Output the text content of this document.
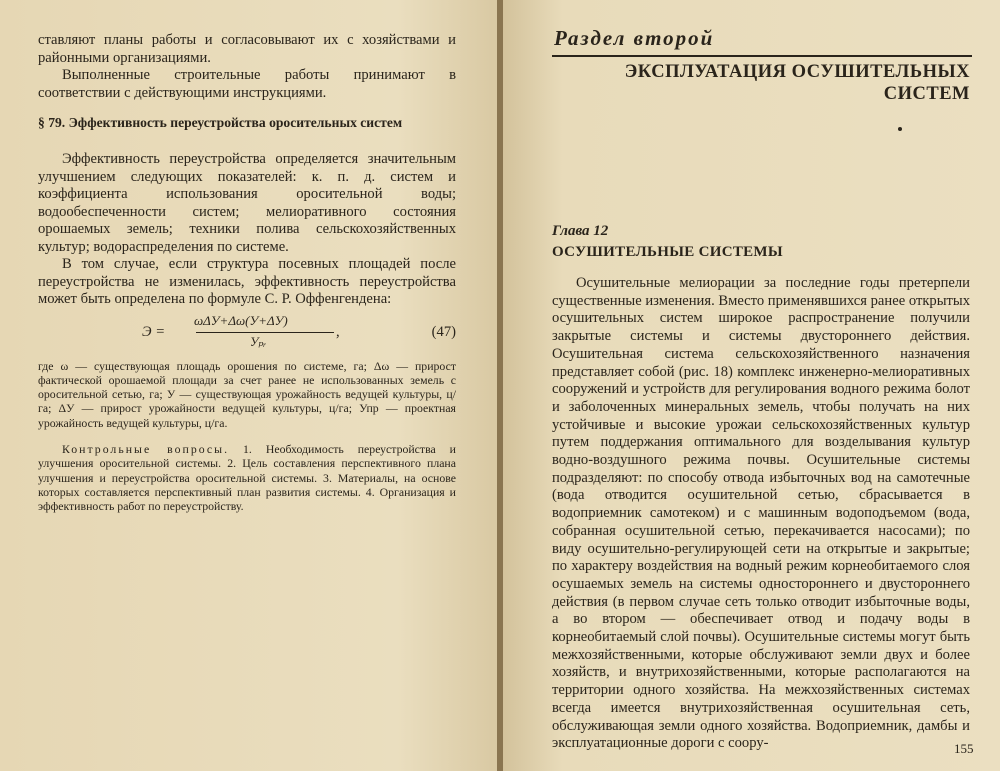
ставляют планы работы и согласовывают их с хозяйствами и районными организациями.

Выполненные строительные работы принимают в соответствии с действующими инструкциями.

§ 79. Эффективность переустройства оросительных систем

Эффективность переустройства определяется значительным улучшением следующих показателей: к. п. д. систем и коэффициента использования оросительной воды; водообеспеченности систем; мелиоративного состояния орошаемых земель; техники полива сельскохозяйственных культур; водораспределения по системе.

В том случае, если структура посевных площадей после переустройства не изменилась, эффективность переустройства может быть определена по формуле С. Р. Оффенгендена:

Э =
ωΔУ+Δω(У+ΔУ)
Уₚᵣ
,	(47)

где ω — существующая площадь орошения по системе, га; Δω — прирост фактической орошаемой площади за счет ранее не использованных земель с оросительной сетью, га; У — существующая урожайность ведущей культуры, ц/га; ΔУ — прирост урожайности ведущей культуры, ц/га; Упр — проектная урожайность ведущей культуры, ц/га.

Контрольные вопросы. 1. Необходимость переустройства и улучшения оросительной системы. 2. Цель составления перспективного плана улучшения и переустройства оросительной системы. 3. Материалы, на основе которых составляется перспективный план развития системы. 4. Организация и эффективность работ по переустройству.

Раздел второй

ЭКСПЛУАТАЦИЯ ОСУШИТЕЛЬНЫХ

СИСТЕМ

Глава 12
ОСУШИТЕЛЬНЫЕ СИСТЕМЫ

Осушительные мелиорации за последние годы претерпели существенные изменения. Вместо применявшихся ранее открытых осушительных систем широкое распространение получили закрытые системы и системы двустороннего действия. Осушительная система сельскохозяйственного назначения представляет собой (рис. 18) комплекс инженерно-мелиоративных сооружений и устройств для регулирования водного режима болот и заболоченных минеральных земель, чтобы получать на них устойчивые и высокие урожаи сельскохозяйственных культур путем поддержания оптимального для возделывания культур водно-воздушного режима почвы. Осушительные системы подразделяют: по способу отвода избыточных вод на самотечные (вода отводится осушительной сетью, сбрасывается в водоприемник самотеком) и с машинным водоподъемом (вода, собранная осушительной сетью, перекачивается насосами); по виду осушительно-регулирующей сети на открытые и закрытые; по характеру воздействия на водный режим корнеобитаемого слоя осушаемых земель на системы одностороннего и двустороннего действия (в первом случае сеть только отводит избыточные воды, а во втором — обеспечивает отвод и подачу воды в корнеобитаемый слой почвы). Осушительные системы могут быть межхозяйственными, которые обслуживают земли двух и более хозяйств, и внутрихозяйственными, которые располагаются на территории одного хозяйства. На межхозяйственных системах всегда имеется внутрихозяйственная осушительная сеть, обслуживающая земли одного хозяйства. Водоприемник, дамбы и эксплуатационные дороги с соору-	155
